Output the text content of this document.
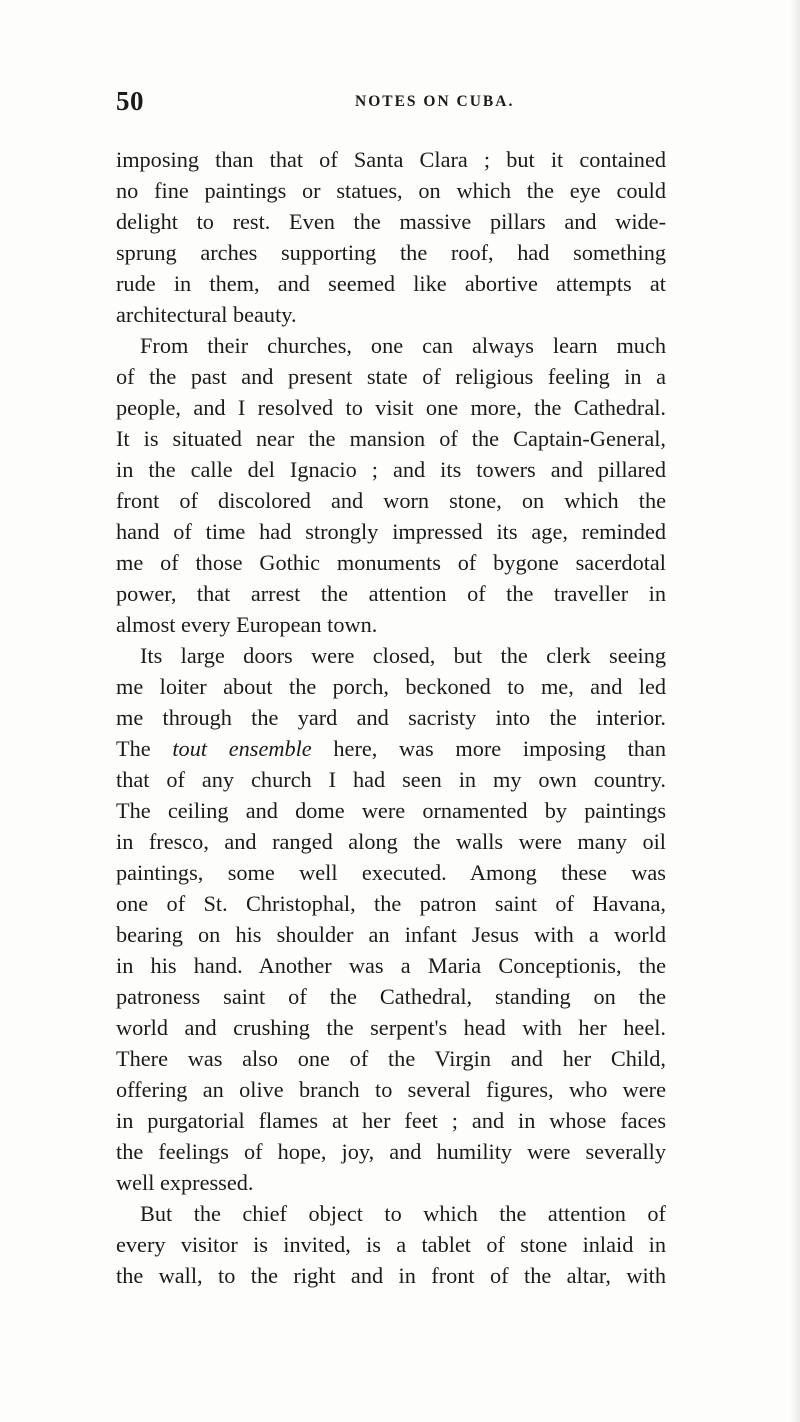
50	NOTES ON CUBA.
imposing than that of Santa Clara ; but it contained
no fine paintings or statues, on which the eye could
delight to rest. Even the massive pillars and wide-
sprung arches supporting the roof, had something
rude in them, and seemed like abortive attempts at
architectural beauty.
From their churches, one can always learn much
of the past and present state of religious feeling in a
people, and I resolved to visit one more, the Cathedral.
It is situated near the mansion of the Captain-General,
in the calle del Ignacio ; and its towers and pillared
front of discolored and worn stone, on which the
hand of time had strongly impressed its age, reminded
me of those Gothic monuments of bygone sacerdotal
power, that arrest the attention of the traveller in
almost every European town.
Its large doors were closed, but the clerk seeing
me loiter about the porch, beckoned to me, and led
me through the yard and sacristy into the interior.
The tout ensemble here, was more imposing than
that of any church I had seen in my own country.
The ceiling and dome were ornamented by paintings
in fresco, and ranged along the walls were many oil
paintings, some well executed. Among these was
one of St. Christophal, the patron saint of Havana,
bearing on his shoulder an infant Jesus with a world
in his hand. Another was a Maria Conceptionis, the
patroness saint of the Cathedral, standing on the
world and crushing the serpent's head with her heel.
There was also one of the Virgin and her Child,
offering an olive branch to several figures, who were
in purgatorial flames at her feet ; and in whose faces
the feelings of hope, joy, and humility were severally
well expressed.
But the chief object to which the attention of
every visitor is invited, is a tablet of stone inlaid in
the wall, to the right and in front of the altar, with
